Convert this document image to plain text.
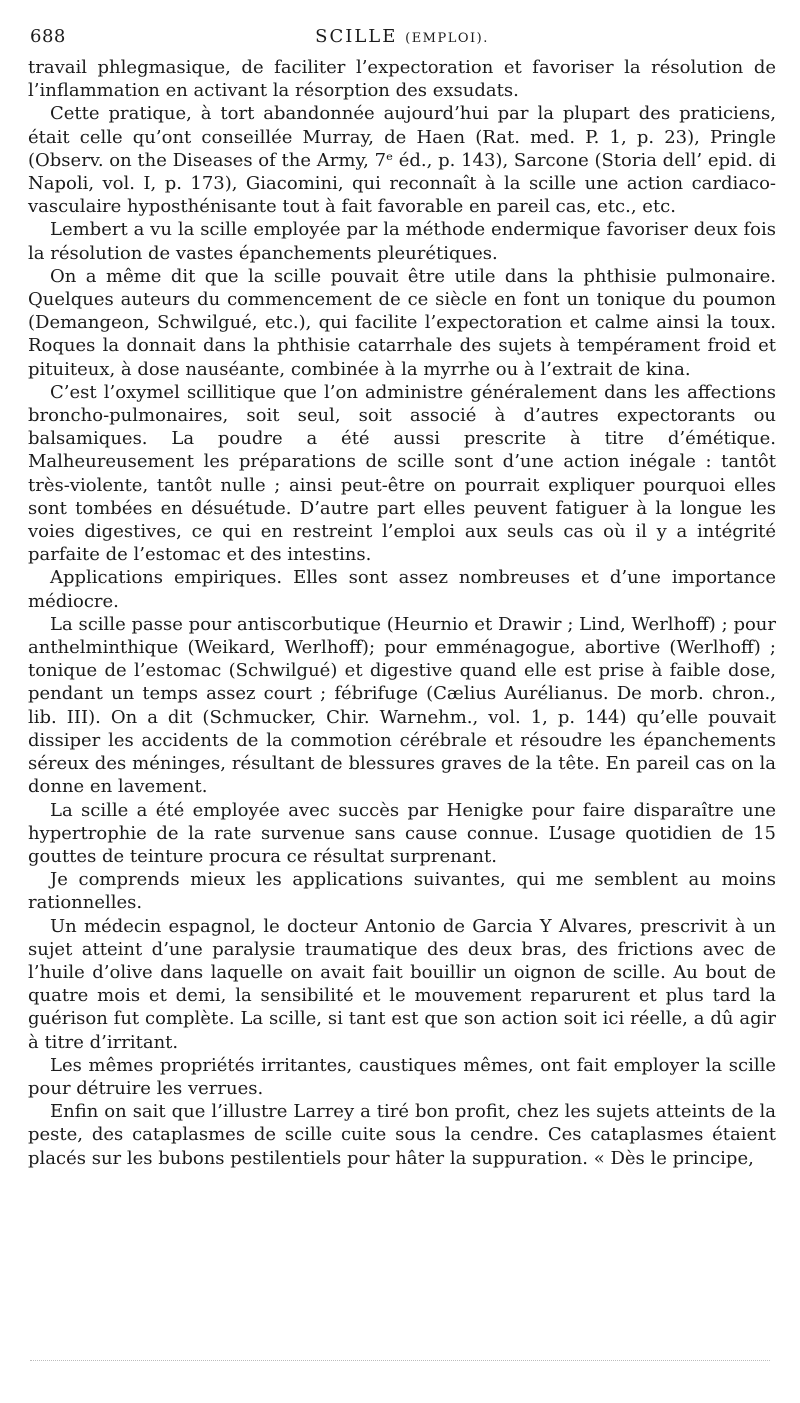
688	SCILLE (EMPLOI).

travail phlegmasique, de faciliter l’expectoration et favoriser la résolution de l’inflammation en activant la résorption des exsudats.

Cette pratique, à tort abandonnée aujourd’hui par la plupart des praticiens, était celle qu’ont conseillée Murray, de Haen (Rat. med. P. 1, p. 23), Pringle (Observ. on the Diseases of the Army, 7ᵉ éd., p. 143), Sarcone (Storia dell’ epid. di Napoli, vol. I, p. 173), Giacomini, qui reconnaît à la scille une action cardiaco-vasculaire hyposthénisante tout à fait favorable en pareil cas, etc., etc.

Lembert a vu la scille employée par la méthode endermique favoriser deux fois la résolution de vastes épanchements pleurétiques.

On a même dit que la scille pouvait être utile dans la phthisie pulmonaire. Quelques auteurs du commencement de ce siècle en font un tonique du poumon (Demangeon, Schwilgué, etc.), qui facilite l’expectoration et calme ainsi la toux. Roques la donnait dans la phthisie catarrhale des sujets à tempérament froid et pituiteux, à dose nauséante, combinée à la myrrhe ou à l’extrait de kina.

C’est l’oxymel scillitique que l’on administre généralement dans les affections broncho-pulmonaires, soit seul, soit associé à d’autres expectorants ou balsamiques. La poudre a été aussi prescrite à titre d’émétique. Malheureusement les préparations de scille sont d’une action inégale : tantôt très-violente, tantôt nulle ; ainsi peut-être on pourrait expliquer pourquoi elles sont tombées en désuétude. D’autre part elles peuvent fatiguer à la longue les voies digestives, ce qui en restreint l’emploi aux seuls cas où il y a intégrité parfaite de l’estomac et des intestins.

Applications empiriques. Elles sont assez nombreuses et d’une importance médiocre.

La scille passe pour antiscorbutique (Heurnio et Drawir ; Lind, Werlhoff) ; pour anthelminthique (Weikard, Werlhoff); pour emménagogue, abortive (Werlhoff) ; tonique de l’estomac (Schwilgué) et digestive quand elle est prise à faible dose, pendant un temps assez court ; fébrifuge (Cælius Aurélianus. De morb. chron., lib. III). On a dit (Schmucker, Chir. Warnehm., vol. 1, p. 144) qu’elle pouvait dissiper les accidents de la commotion cérébrale et résoudre les épanchements séreux des méninges, résultant de blessures graves de la tête. En pareil cas on la donne en lavement.

La scille a été employée avec succès par Henigke pour faire disparaître une hypertrophie de la rate survenue sans cause connue. L’usage quotidien de 15 gouttes de teinture procura ce résultat surprenant.

Je comprends mieux les applications suivantes, qui me semblent au moins rationnelles.

Un médecin espagnol, le docteur Antonio de Garcia Y Alvares, prescrivit à un sujet atteint d’une paralysie traumatique des deux bras, des frictions avec de l’huile d’olive dans laquelle on avait fait bouillir un oignon de scille. Au bout de quatre mois et demi, la sensibilité et le mouvement reparurent et plus tard la guérison fut complète. La scille, si tant est que son action soit ici réelle, a dû agir à titre d’irritant.

Les mêmes propriétés irritantes, caustiques mêmes, ont fait employer la scille pour détruire les verrues.

Enfin on sait que l’illustre Larrey a tiré bon profit, chez les sujets atteints de la peste, des cataplasmes de scille cuite sous la cendre. Ces cataplasmes étaient placés sur les bubons pestilentiels pour hâter la suppuration. « Dès le principe,
